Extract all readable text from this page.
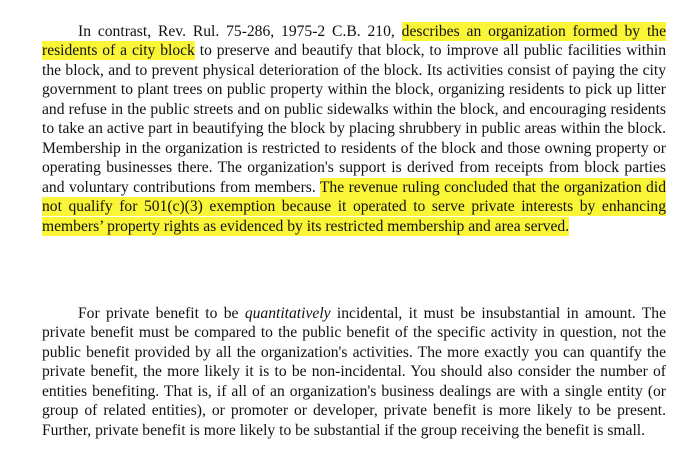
In contrast, Rev. Rul. 75-286, 1975-2 C.B. 210, describes an organization formed by the residents of a city block to preserve and beautify that block, to improve all public facilities within the block, and to prevent physical deterioration of the block. Its activities consist of paying the city government to plant trees on public property within the block, organizing residents to pick up litter and refuse in the public streets and on public sidewalks within the block, and encouraging residents to take an active part in beautifying the block by placing shrubbery in public areas within the block. Membership in the organization is restricted to residents of the block and those owning property or operating businesses there. The organization's support is derived from receipts from block parties and voluntary contributions from members. The revenue ruling concluded that the organization did not qualify for 501(c)(3) exemption because it operated to serve private interests by enhancing members’ property rights as evidenced by its restricted membership and area served.

For private benefit to be quantitatively incidental, it must be insubstantial in amount. The private benefit must be compared to the public benefit of the specific activity in question, not the public benefit provided by all the organization's activities. The more exactly you can quantify the private benefit, the more likely it is to be non-incidental. You should also consider the number of entities benefiting. That is, if all of an organization's business dealings are with a single entity (or group of related entities), or promoter or developer, private benefit is more likely to be present. Further, private benefit is more likely to be substantial if the group receiving the benefit is small.
